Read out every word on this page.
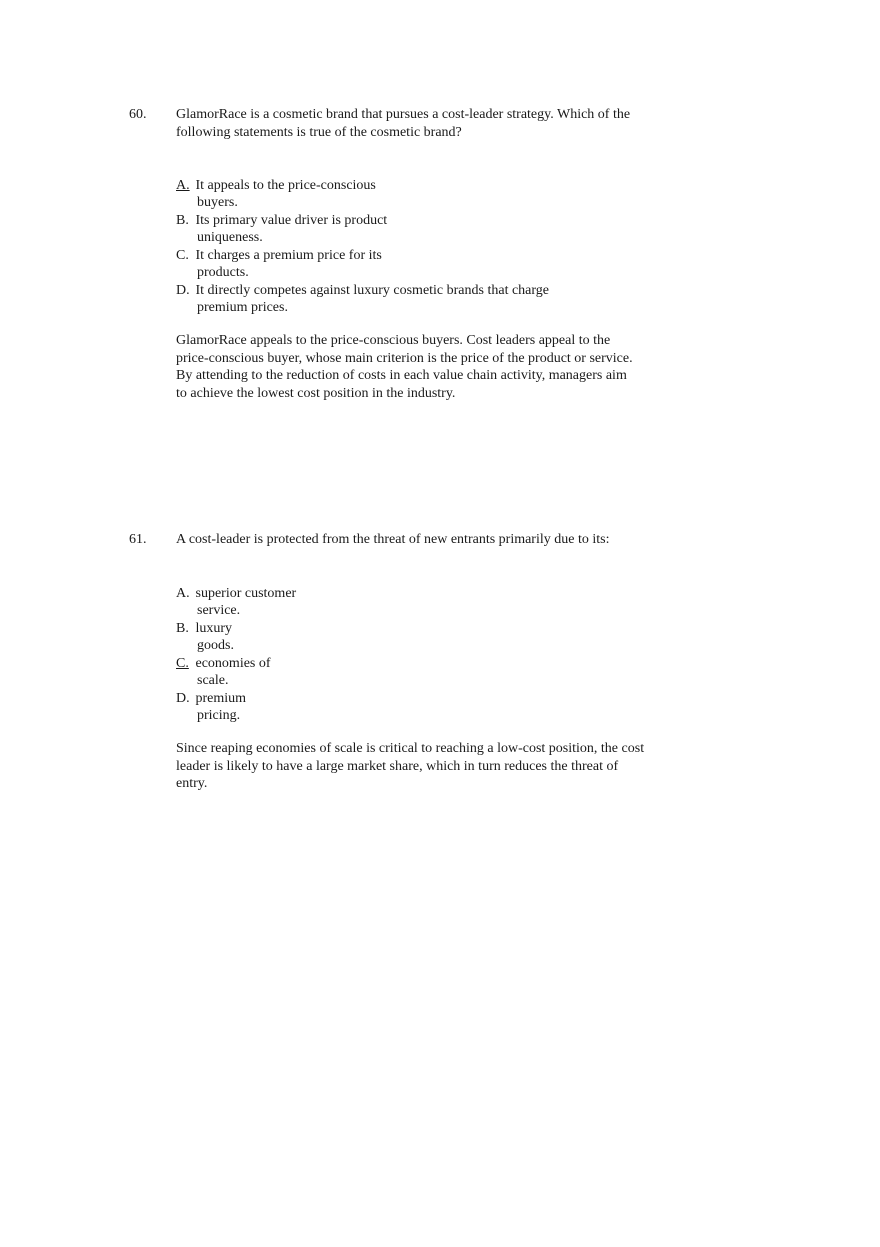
60. GlamorRace is a cosmetic brand that pursues a cost-leader strategy. Which of the
following statements is true of the cosmetic brand?
A. It appeals to the price-conscious
buyers.
B. Its primary value driver is product
uniqueness.
C. It charges a premium price for its
products.
D. It directly competes against luxury cosmetic brands that charge
premium prices.
GlamorRace appeals to the price-conscious buyers. Cost leaders appeal to the
price-conscious buyer, whose main criterion is the price of the product or service.
By attending to the reduction of costs in each value chain activity, managers aim
to achieve the lowest cost position in the industry.
61. A cost-leader is protected from the threat of new entrants primarily due to its:
A. superior customer
service.
B. luxury
goods.
C. economies of
scale.
D. premium
pricing.
Since reaping economies of scale is critical to reaching a low-cost position, the cost
leader is likely to have a large market share, which in turn reduces the threat of
entry.
